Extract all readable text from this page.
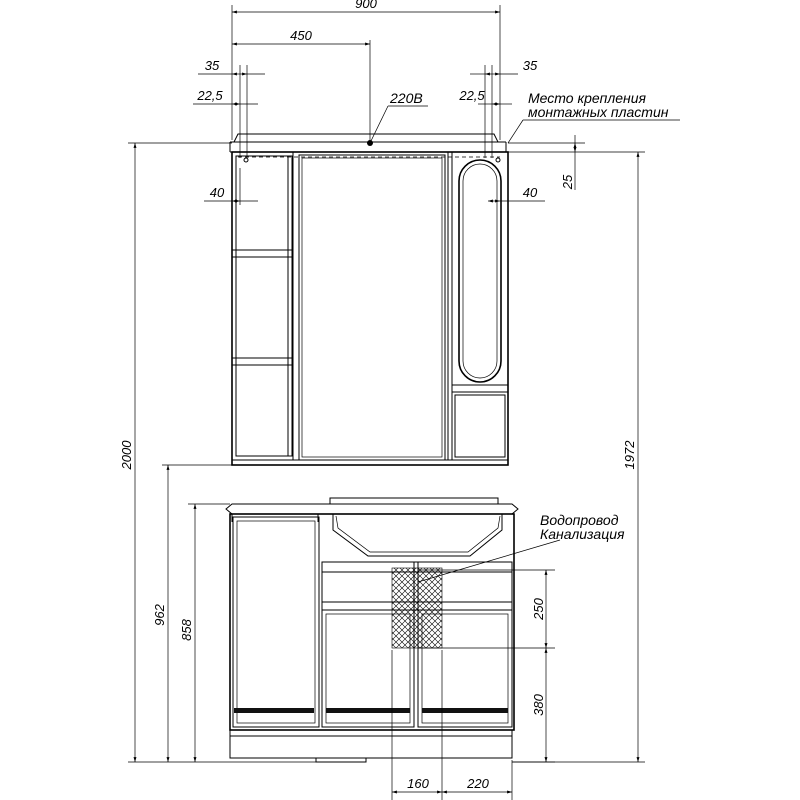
900
450
35
22,5
35
22,5
220В	Место крепления
монтажных пластин
40	40
25
Водопровод
Канализация
250
380
160	220
2000
962
858
1972
